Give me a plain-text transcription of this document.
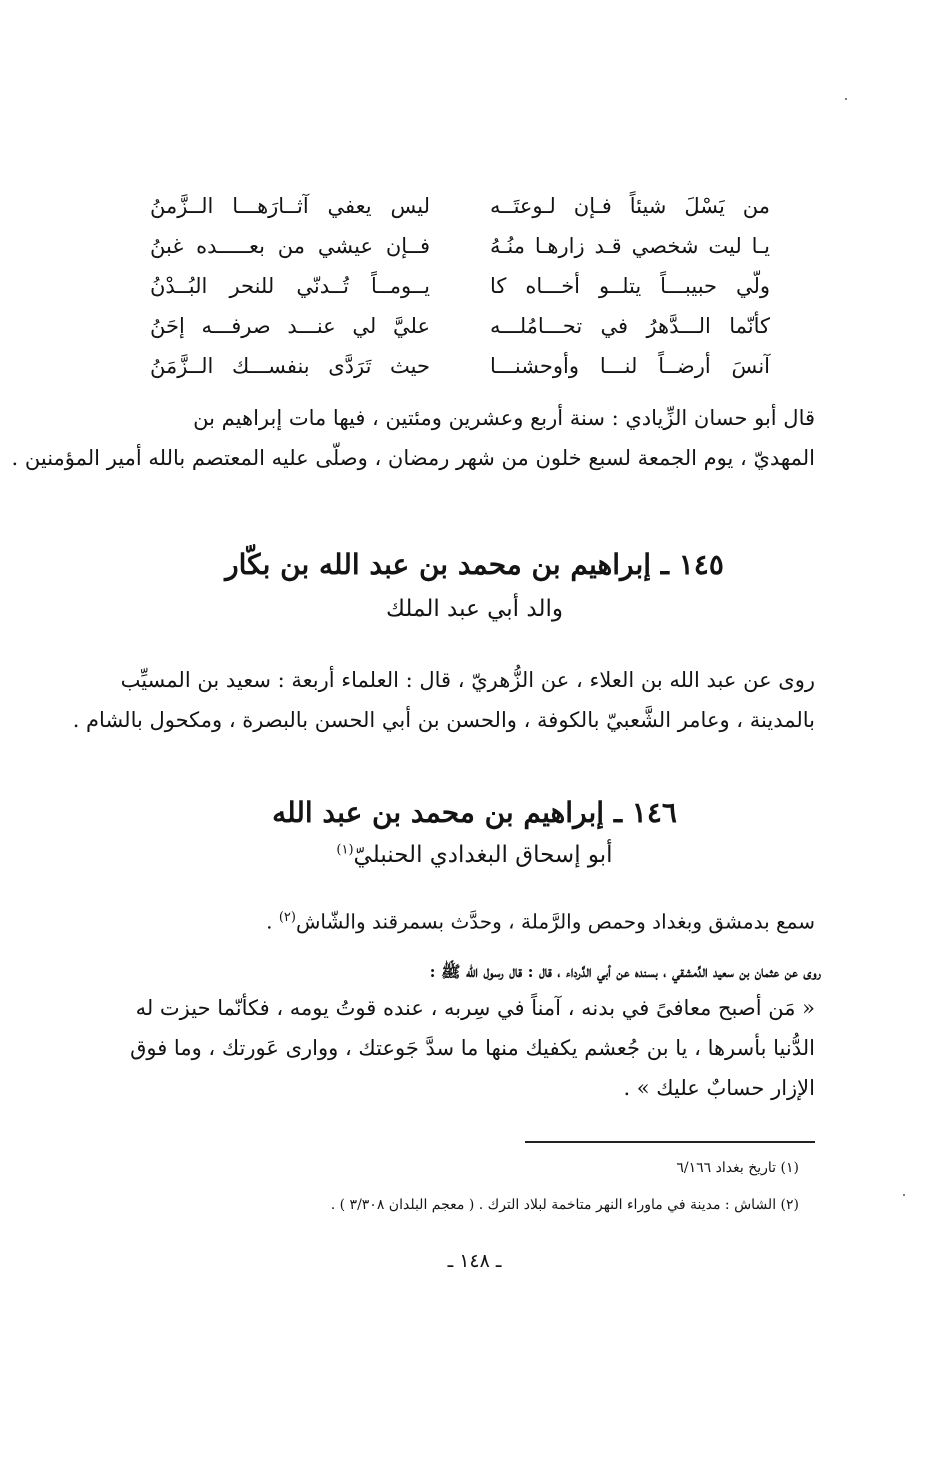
من يَسْلَ شيئاً فـإن لـوعتَــه
ليس يعفي آثــارَهـــا الــزَّمنُ
يـا ليت شخصي قـد زارهـا منُـهُ
فــإن عيشي من بعـــــده غبنُ
ولّي حبيبـــاً يتلــو أخـــاه كا
يــومــاً تُــدنّي للنحر البُــدْنُ
كأنّما الـــدَّهرُ في تحـــامُلـــه
عليَّ لي عنـــد صرفـــه إحَنُ
آنسَ أرضــاً لنـــا وأوحشنـــا
حيث تَرَدَّى بنفســـك الــزَّمَنُ
قال أبو حسان الزِّيادي : سنة أربع وعشرين ومئتين ، فيها مات إبراهيم بن
المهديّ ، يوم الجمعة لسبع خلون من شهر رمضان ، وصلّى عليه المعتصم بالله أمير المؤمنين .
١٤٥ ـ إبراهيم بن محمد بن عبد الله بن بكّار
والد أبي عبد الملك
روى عن عبد الله بن العلاء ، عن الزُّهريّ ، قال : العلماء أربعة : سعيد بن المسيِّب
بالمدينة ، وعامر الشَّعبيّ بالكوفة ، والحسن بن أبي الحسن بالبصرة ، ومكحول بالشام .
١٤٦ ـ إبراهيم بن محمد بن عبد الله
أبو إسحاق البغدادي الحنبليّ$^{(١)}$
سمع بدمشق وبغداد وحمص والرَّملة ، وحدَّث بسمرقند والشّاش$^{(٢)}$ .
روى عن عثمان بن سعيد الدِّمشقي ، بسنده عن أبي الدَّرداء ، قال : قال رسول الله ﷺ :
« مَن أصبح معافىً في بدنه ، آمناً في سِربه ، عنده قوتُ يومه ، فكأنّما حيزت له
الدُّنيا بأسرها ، يا بن جُعشم يكفيك منها ما سدَّ جَوعتك ، ووارى عَورتك ، وما فوق
الإزار حسابٌ عليك » .
(١) تاريخ بغداد ٦/١٦٦
(٢) الشاش : مدينة في ماوراء النهر متاخمة لبلاد الترك . ( معجم البلدان ٣/٣٠٨ ) .
ـ ١٤٨ ـ
